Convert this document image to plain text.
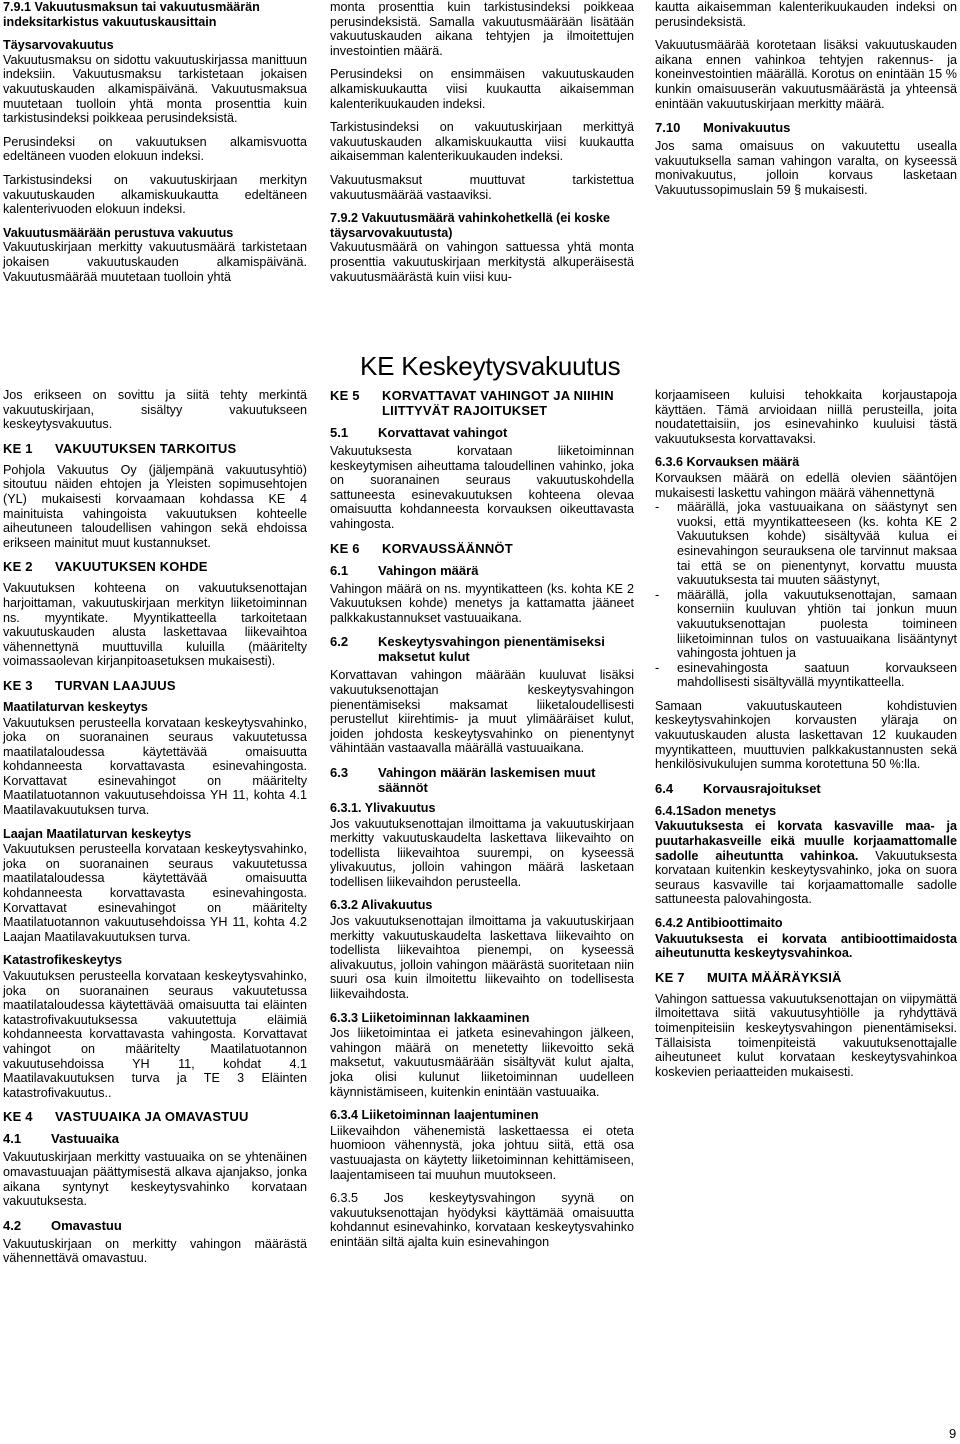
7.9.1 Vakuutusmaksun tai vakuutusmäärän indeksitarkistus vakuutuskausittain
Täysarvovakuutus

Vakuutusmaksu on sidottu vakuutuskirjassa manittuun indeksiin. Vakuutusmaksu tarkistetaan jokaisen vakuutuskauden alkamispäivänä. Vakuutusmaksua muutetaan tuolloin yhtä monta prosenttia kuin tarkistusindeksi poikkeaa perusindeksistä.

Perusindeksi on vakuutuksen alkamisvuotta edeltäneen vuoden elokuun indeksi.

Tarkistusindeksi on vakuutuskirjaan merkityn vakuutuskauden alkamiskuukautta edeltäneen kalenterivuoden elokuun indeksi.

Vakuutusmäärään perustuva vakuutus

Vakuutuskirjaan merkitty vakuutusmäärä tarkistetaan jokaisen vakuutuskauden alkamispäivänä. Vakuutusmäärää muutetaan tuolloin yhtä

monta prosenttia kuin tarkistusindeksi poikkeaa perusindeksistä. Samalla vakuutusmäärään lisätään vakuutuskauden aikana tehtyjen ja ilmoitettujen investointien määrä.

Perusindeksi on ensimmäisen vakuutuskauden alkamiskuukautta viisi kuukautta aikaisemman kalenterikuukauden indeksi.

Tarkistusindeksi on vakuutuskirjaan merkittyä vakuutuskauden alkamiskuukautta viisi kuukautta aikaisemman kalenterikuukauden indeksi.

Vakuutusmaksut muuttuvat tarkistettua vakuutusmäärää vastaaviksi.

7.9.2 Vakuutusmäärä vahinkohetkellä (ei koske täysarvovakuutusta)

Vakuutusmäärä on vahingon sattuessa yhtä monta prosenttia vakuutuskirjaan merkitystä alkuperäisestä vakuutusmäärästä kuin viisi kuu-

kautta aikaisemman kalenterikuukauden indeksi on perusindeksistä.

Vakuutusmäärää korotetaan lisäksi vakuutuskauden aikana ennen vahinkoa tehtyjen rakennus- ja koneinvestointien määrällä. Korotus on enintään 15 % kunkin omaisuuserän vakuutusmäärästä ja yhteensä enintään vakuutuskirjaan merkitty määrä.

7.10	Monivakuutus

Jos sama omaisuus on vakuutettu usealla vakuutuksella saman vahingon varalta, on kyseessä monivakuutus, jolloin korvaus lasketaan Vakuutussopimuslain 59 § mukaisesti.

KE Keskeytysvakuutus

Jos erikseen on sovittu ja siitä tehty merkintä vakuutuskirjaan, sisältyy vakuutukseen keskeytysvakuutus.

KE 1	VAKUUTUKSEN TARKOITUS

Pohjola Vakuutus Oy (jäljempänä vakuutusyhtiö) sitoutuu näiden ehtojen ja Yleisten sopimusehtojen (YL) mukaisesti korvaamaan kohdassa KE 4 mainituista vahingoista vakuutuksen kohteelle aiheutuneen taloudellisen vahingon sekä ehdoissa erikseen mainitut muut kustannukset.

KE 2	VAKUUTUKSEN KOHDE

Vakuutuksen kohteena on vakuutuksenottajan harjoittaman, vakuutuskirjaan merkityn liiketoiminnan ns. myyntikate. Myyntikatteella tarkoitetaan vakuutuskauden alusta laskettavaa liikevaihtoa vähennettynä muuttuvilla kuluilla (määritelty voimassaolevan kirjanpitoasetuksen mukaisesti).

KE 3	TURVAN LAAJUUS
Maatilaturvan keskeytys

Vakuutuksen perusteella korvataan keskeytysvahinko, joka on suoranainen seuraus vakuutetussa maatilataloudessa käytettävää omaisuutta kohdanneesta korvattavasta esinevahingosta. Korvattavat esinevahingot on määritelty Maatilatuotannon vakuutusehdoissa YH 11, kohta 4.1 Maatilavakuutuksen turva.

Laajan Maatilaturvan keskeytys

Vakuutuksen perusteella korvataan keskeytysvahinko, joka on suoranainen seuraus vakuutetussa maatilataloudessa käytettävää omaisuutta kohdanneesta korvattavasta esinevahingosta. Korvattavat esinevahingot on määritelty Maatilatuotannon vakuutusehdoissa YH 11, kohta 4.2 Laajan Maatilavakuutuksen turva.

Katastrofikeskeytys

Vakuutuksen perusteella korvataan keskeytysvahinko, joka on suoranainen seuraus vakuutetussa maatilataloudessa käytettävää omaisuutta tai eläinten katastrofivakuutuksessa vakuutettuja eläimiä kohdanneesta korvattavasta vahingosta. Korvattavat vahingot on määritelty Maatilatuotannon vakuutusehdoissa YH 11, kohdat 4.1 Maatilavakuutuksen turva ja TE 3 Eläinten katastrofivakuutus..

KE 4	VASTUUAIKA JA OMAVASTUU
4.1	Vastuuaika

Vakuutuskirjaan merkitty vastuuaika on se yhtenäinen omavastuuajan päättymisestä alkava ajanjakso, jonka aikana syntynyt keskeytysvahinko korvataan vakuutuksesta.

4.2	Omavastuu

Vakuutuskirjaan on merkitty vahingon määrästä vähennettävä omavastuu.

KE 5	KORVATTAVAT VAHINGOT JA NIIHIN LIITTYVÄT RAJOITUKSET
5.1	Korvattavat vahingot

Vakuutuksesta korvataan liiketoiminnan keskeytymisen aiheuttama taloudellinen vahinko, joka on suoranainen seuraus vakuutuskohdella sattuneesta esinevakuutuksen kohteena olevaa omaisuutta kohdanneesta korvauksen oikeuttavasta vahingosta.

KE 6	KORVAUSSÄÄNNÖT
6.1	Vahingon määrä

Vahingon määrä on ns. myyntikatteen (ks. kohta KE 2 Vakuutuksen kohde) menetys ja kattamatta jääneet palkkakustannukset vastuuaikana.

6.2	Keskeytysvahingon pienentämiseksi maksetut kulut

Korvattavan vahingon määrään kuuluvat lisäksi vakuutuksenottajan keskeytysvahingon pienentämiseksi maksamat liiketaloudellisesti perustellut kiirehtimis- ja muut ylimääräiset kulut, joiden johdosta keskeytysvahinko on pienentynyt vähintään vastaavalla määrällä vastuuaikana.

6.3	Vahingon määrän laskemisen muut säännöt
6.3.1. Ylivakuutus

Jos vakuutuksenottajan ilmoittama ja vakuutuskirjaan merkitty vakuutuskaudelta laskettava liikevaihto on todellista liikevaihtoa suurempi, on kyseessä ylivakuutus, jolloin vahingon määrä lasketaan todellisen liikevaihdon perusteella.

6.3.2 Alivakuutus

Jos vakuutuksenottajan ilmoittama ja vakuutuskirjaan merkitty vakuutuskaudelta laskettava liikevaihto on todellista liikevaihtoa pienempi, on kyseessä alivakuutus, jolloin vahingon määrästä suoritetaan niin suuri osa kuin ilmoitettu liikevaihto on todellisesta liikevaihdosta.

6.3.3 Liiketoiminnan lakkaaminen

Jos liiketoimintaa ei jatketa esinevahingon jälkeen, vahingon määrä on menetetty liikevoitto sekä maksetut, vakuutusmäärään sisältyvät kulut ajalta, joka olisi kulunut liiketoiminnan uudelleen käynnistämiseen, kuitenkin enintään vastuuaika.

6.3.4 Liiketoiminnan laajentuminen

Liikevaihdon vähenemistä laskettaessa ei oteta huomioon vähennystä, joka johtuu siitä, että osa vastuuajasta on käytetty liiketoiminnan kehittämiseen, laajentamiseen tai muuhun muutokseen.

6.3.5 Jos keskeytysvahingon syynä on vakuutuksenottajan hyödyksi käyttämää omaisuutta kohdannut esinevahinko, korvataan keskeytysvahinko enintään siltä ajalta kuin esinevahingon

korjaamiseen kuluisi tehokkaita korjaustapoja käyttäen. Tämä arvioidaan niillä perusteilla, joita noudatettaisiin, jos esinevahinko kuuluisi tästä vakuutuksesta korvattavaksi.

6.3.6 Korvauksen määrä

Korvauksen määrä on edellä olevien sääntöjen mukaisesti laskettu vahingon määrä vähennettynä

-	määrällä, joka vastuuaikana on säästynyt sen vuoksi, että myyntikatteeseen (ks. kohta KE 2 Vakuutuksen kohde) sisältyvää kulua ei esinevahingon seurauksena ole tarvinnut maksaa tai että se on pienentynyt, korvattu muusta vakuutuksesta tai muuten säästynyt,
-	määrällä, jolla vakuutuksenottajan, samaan konserniin kuuluvan yhtiön tai jonkun muun vakuutuksenottajan puolesta toimineen liiketoiminnan tulos on vastuuaikana lisääntynyt vahingosta johtuen ja
-	esinevahingosta saatuun korvaukseen mahdollisesti sisältyvällä myyntikatteella.

Samaan vakuutuskauteen kohdistuvien keskeytysvahinkojen korvausten yläraja on vakuutuskauden alusta laskettavan 12 kuukauden myyntikatteen, muuttuvien palkkakustannusten sekä henkilösivukulujen summa korotettuna 50 %:lla.

6.4	Korvausrajoitukset
6.4.1Sadon menetys

Vakuutuksesta ei korvata kasvaville maa- ja puutarhakasveille eikä muulle korjaamattomalle sadolle aiheutuntta vahinkoa. Vakuutuksesta korvataan kuitenkin keskeytysvahinko, joka on suora seuraus kasvaville tai korjaamattomalle sadolle sattuneesta palovahingosta.

6.4.2 Antibioottimaito

Vakuutuksesta ei korvata antibioottimaidosta aiheutunutta keskeytysvahinkoa.

KE 7	MUITA MÄÄRÄYKSIÄ

Vahingon sattuessa vakuutuksenottajan on viipymättä ilmoitettava siitä vakuutusyhtiölle ja ryhdyttävä toimenpiteisiin keskeytysvahingon pienentämiseksi. Tällaisista toimenpiteistä vakuutuksenottajalle aiheutuneet kulut korvataan keskeytysvahinkoa koskevien periaatteiden mukaisesti.

9
